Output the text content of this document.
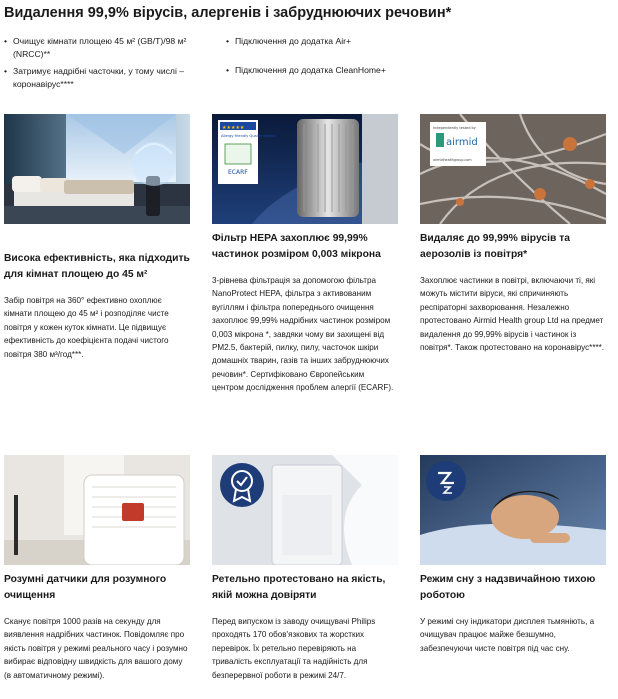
Видалення 99,9% вірусів, алергенів і забруднюючих речовин*
• Очищує кімнати площею 45 м² (GB/T)/98 м² (NRCC)**
• Затримує надрібні часточки, у тому числі – коронавірус****
• Підключення до додатка Air+
• Підключення до додатка CleanHome+
Висока ефективність, яка підходить для кімнат площею до 45 м²

Забір повітря на 360° ефективно охоплює кімнати площею до 45 м² і розподіляє чисте повітря у кожен куток кімнати. Це підвищує ефективність до коефіцієнта подачі чистого повітря 380 м³/год***.

★★★★★
Allergy friendly Quality tested
ECARF
Фільтр HEPA захоплює 99,99% частинок розміром 0,003 мікрона

3-рівнева фільтрація за допомогою фільтра NanoProtect HEPA, фільтра з активованим вугіллям і фільтра попереднього очищення захоплює 99,99% надрібних частинок розміром 0,003 мікрона *, завдяки чому ви захищені від PM2.5, бактерій, пилку, пилу, часточок шкіри домашніх тварин, газів та інших забруднюючих речовин*. Сертифіковано Європейським центром дослідження проблем алергії (ECARF).

Independently tested by
airmid
airmidhealthgroup.com
Видаляє до 99,99% вірусів та аерозолів із повітря*

Захоплює частинки в повітрі, включаючи ті, які можуть містити віруси, які спричиняють респіраторні захворювання. Незалежно протестовано Airmid Health group Ltd на предмет видалення до 99,99% вірусів і частинок із повітря*. Також протестовано на коронавірус****.

Розумні датчики для розумного очищення

Сканує повітря 1000 разів на секунду для виявлення надрібних частинок. Повідомляє про якість повітря у режимі реального часу і розумно вибирає відповідну швидкість для вашого дому (в автоматичному режимі).

Ретельно протестовано на якість, якій можна довіряти

Перед випуском із заводу очищувачі Philips проходять 170 обов'язкових та жорстких перевірок. Їх ретельно перевіряють на тривалість експлуатації та надійність для безперервної роботи в режимі 24/7.

Режим сну з надзвичайною тихою роботою

У режимі сну індикатори дисплея тьмяніють, а очищувач працює майже безшумно, забезпечуючи чисте повітря під час сну.
